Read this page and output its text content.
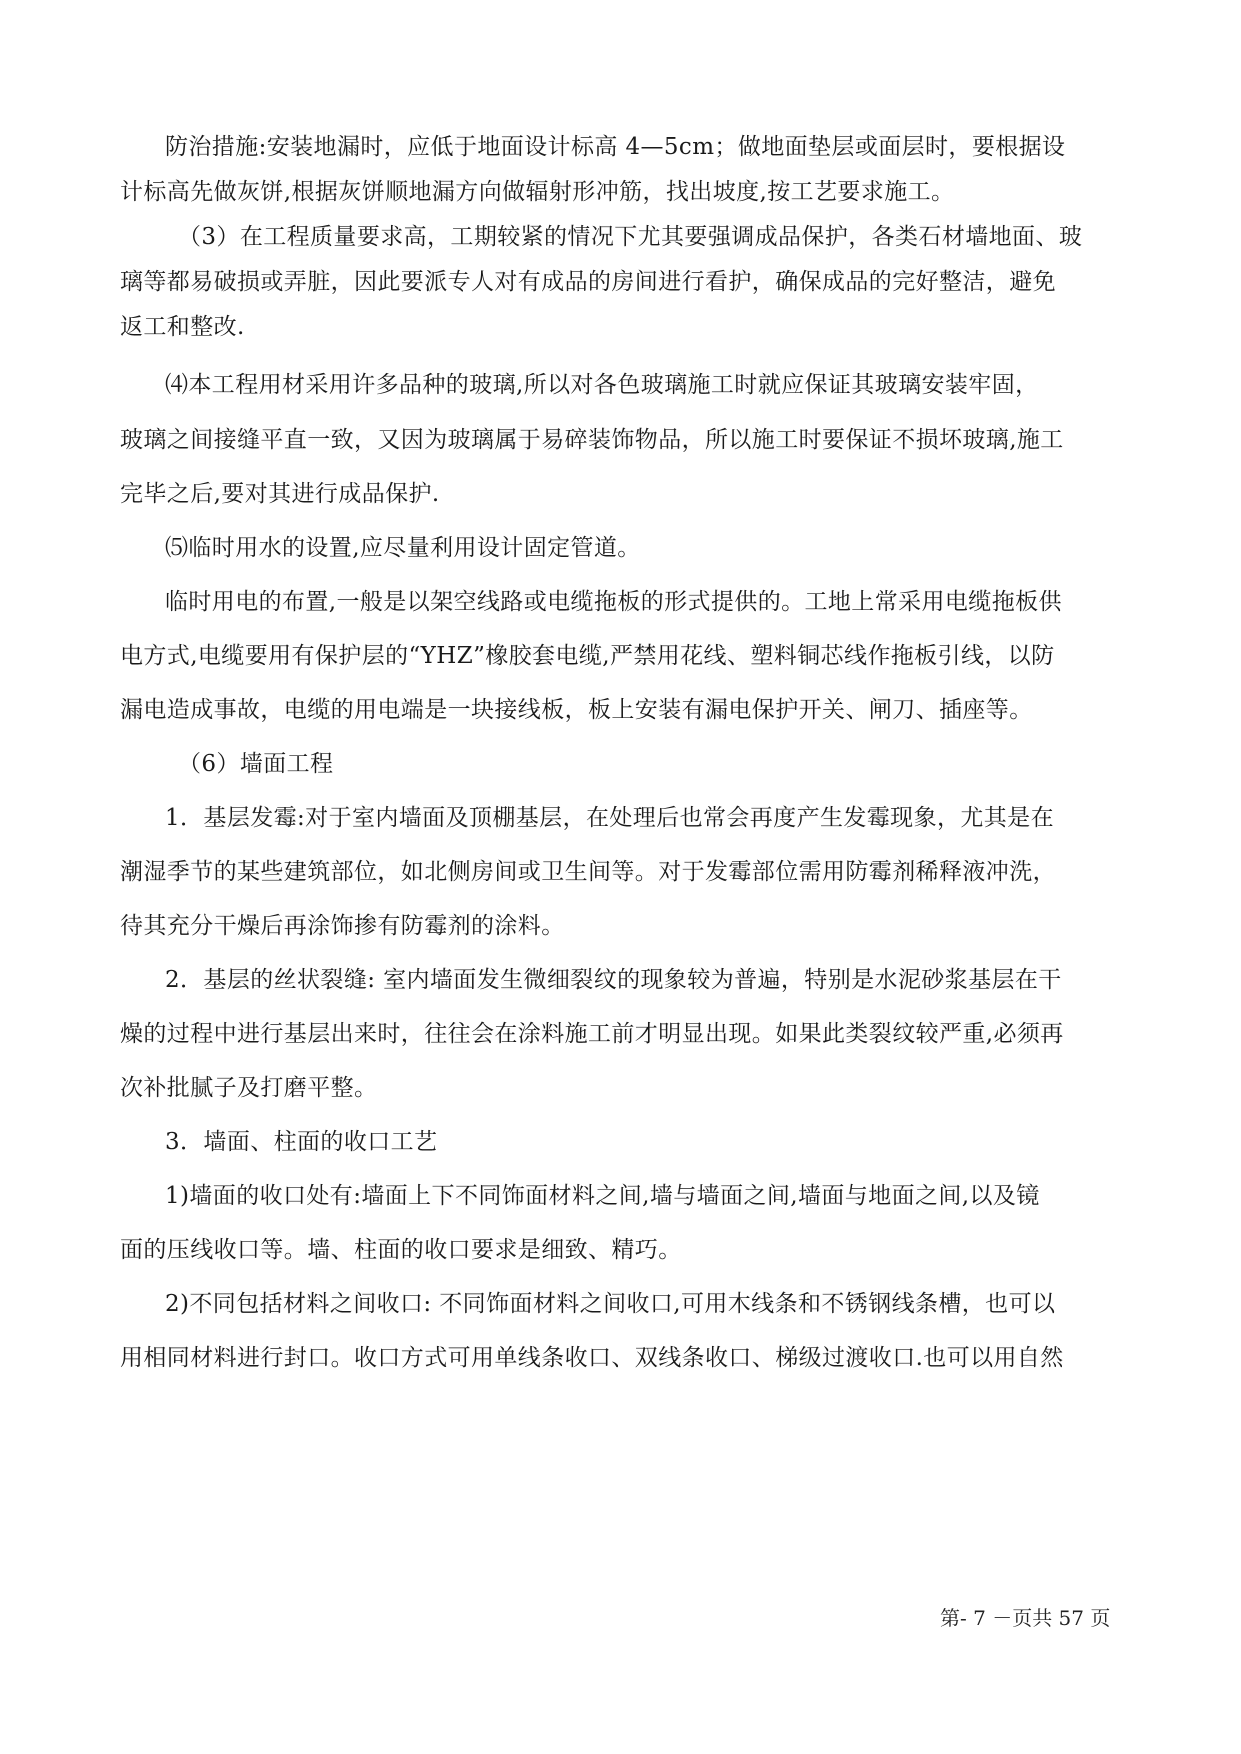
防治措施:安装地漏时，应低于地面设计标高 4—5cm；做地面垫层或面层时，要根据设
计标高先做灰饼,根据灰饼顺地漏方向做辐射形冲筋，找出坡度,按工艺要求施工。
（3）在工程质量要求高，工期较紧的情况下尤其要强调成品保护，各类石材墙地面、玻
璃等都易破损或弄脏，因此要派专人对有成品的房间进行看护，确保成品的完好整洁，避免
返工和整改.
⑷本工程用材采用许多品种的玻璃,所以对各色玻璃施工时就应保证其玻璃安装牢固，
玻璃之间接缝平直一致，又因为玻璃属于易碎装饰物品，所以施工时要保证不损坏玻璃,施工
完毕之后,要对其进行成品保护.
⑸临时用水的设置,应尽量利用设计固定管道。
临时用电的布置,一般是以架空线路或电缆拖板的形式提供的。工地上常采用电缆拖板供
电方式,电缆要用有保护层的“YHZ”橡胶套电缆,严禁用花线、塑料铜芯线作拖板引线，以防
漏电造成事故，电缆的用电端是一块接线板，板上安装有漏电保护开关、闸刀、插座等。
（6）墙面工程
1．基层发霉:对于室内墙面及顶棚基层，在处理后也常会再度产生发霉现象，尤其是在
潮湿季节的某些建筑部位，如北侧房间或卫生间等。对于发霉部位需用防霉剂稀释液冲洗，
待其充分干燥后再涂饰掺有防霉剂的涂料。
2．基层的丝状裂缝: 室内墙面发生微细裂纹的现象较为普遍，特别是水泥砂浆基层在干
燥的过程中进行基层出来时，往往会在涂料施工前才明显出现。如果此类裂纹较严重,必须再
次补批腻子及打磨平整。
3．墙面、柱面的收口工艺
1)墙面的收口处有:墙面上下不同饰面材料之间,墙与墙面之间,墙面与地面之间,以及镜
面的压线收口等。墙、柱面的收口要求是细致、精巧。
2)不同包括材料之间收口: 不同饰面材料之间收口,可用木线条和不锈钢线条槽，也可以
用相同材料进行封口。收口方式可用单线条收口、双线条收口、梯级过渡收口.也可以用自然
第- 7 －页共 57 页
